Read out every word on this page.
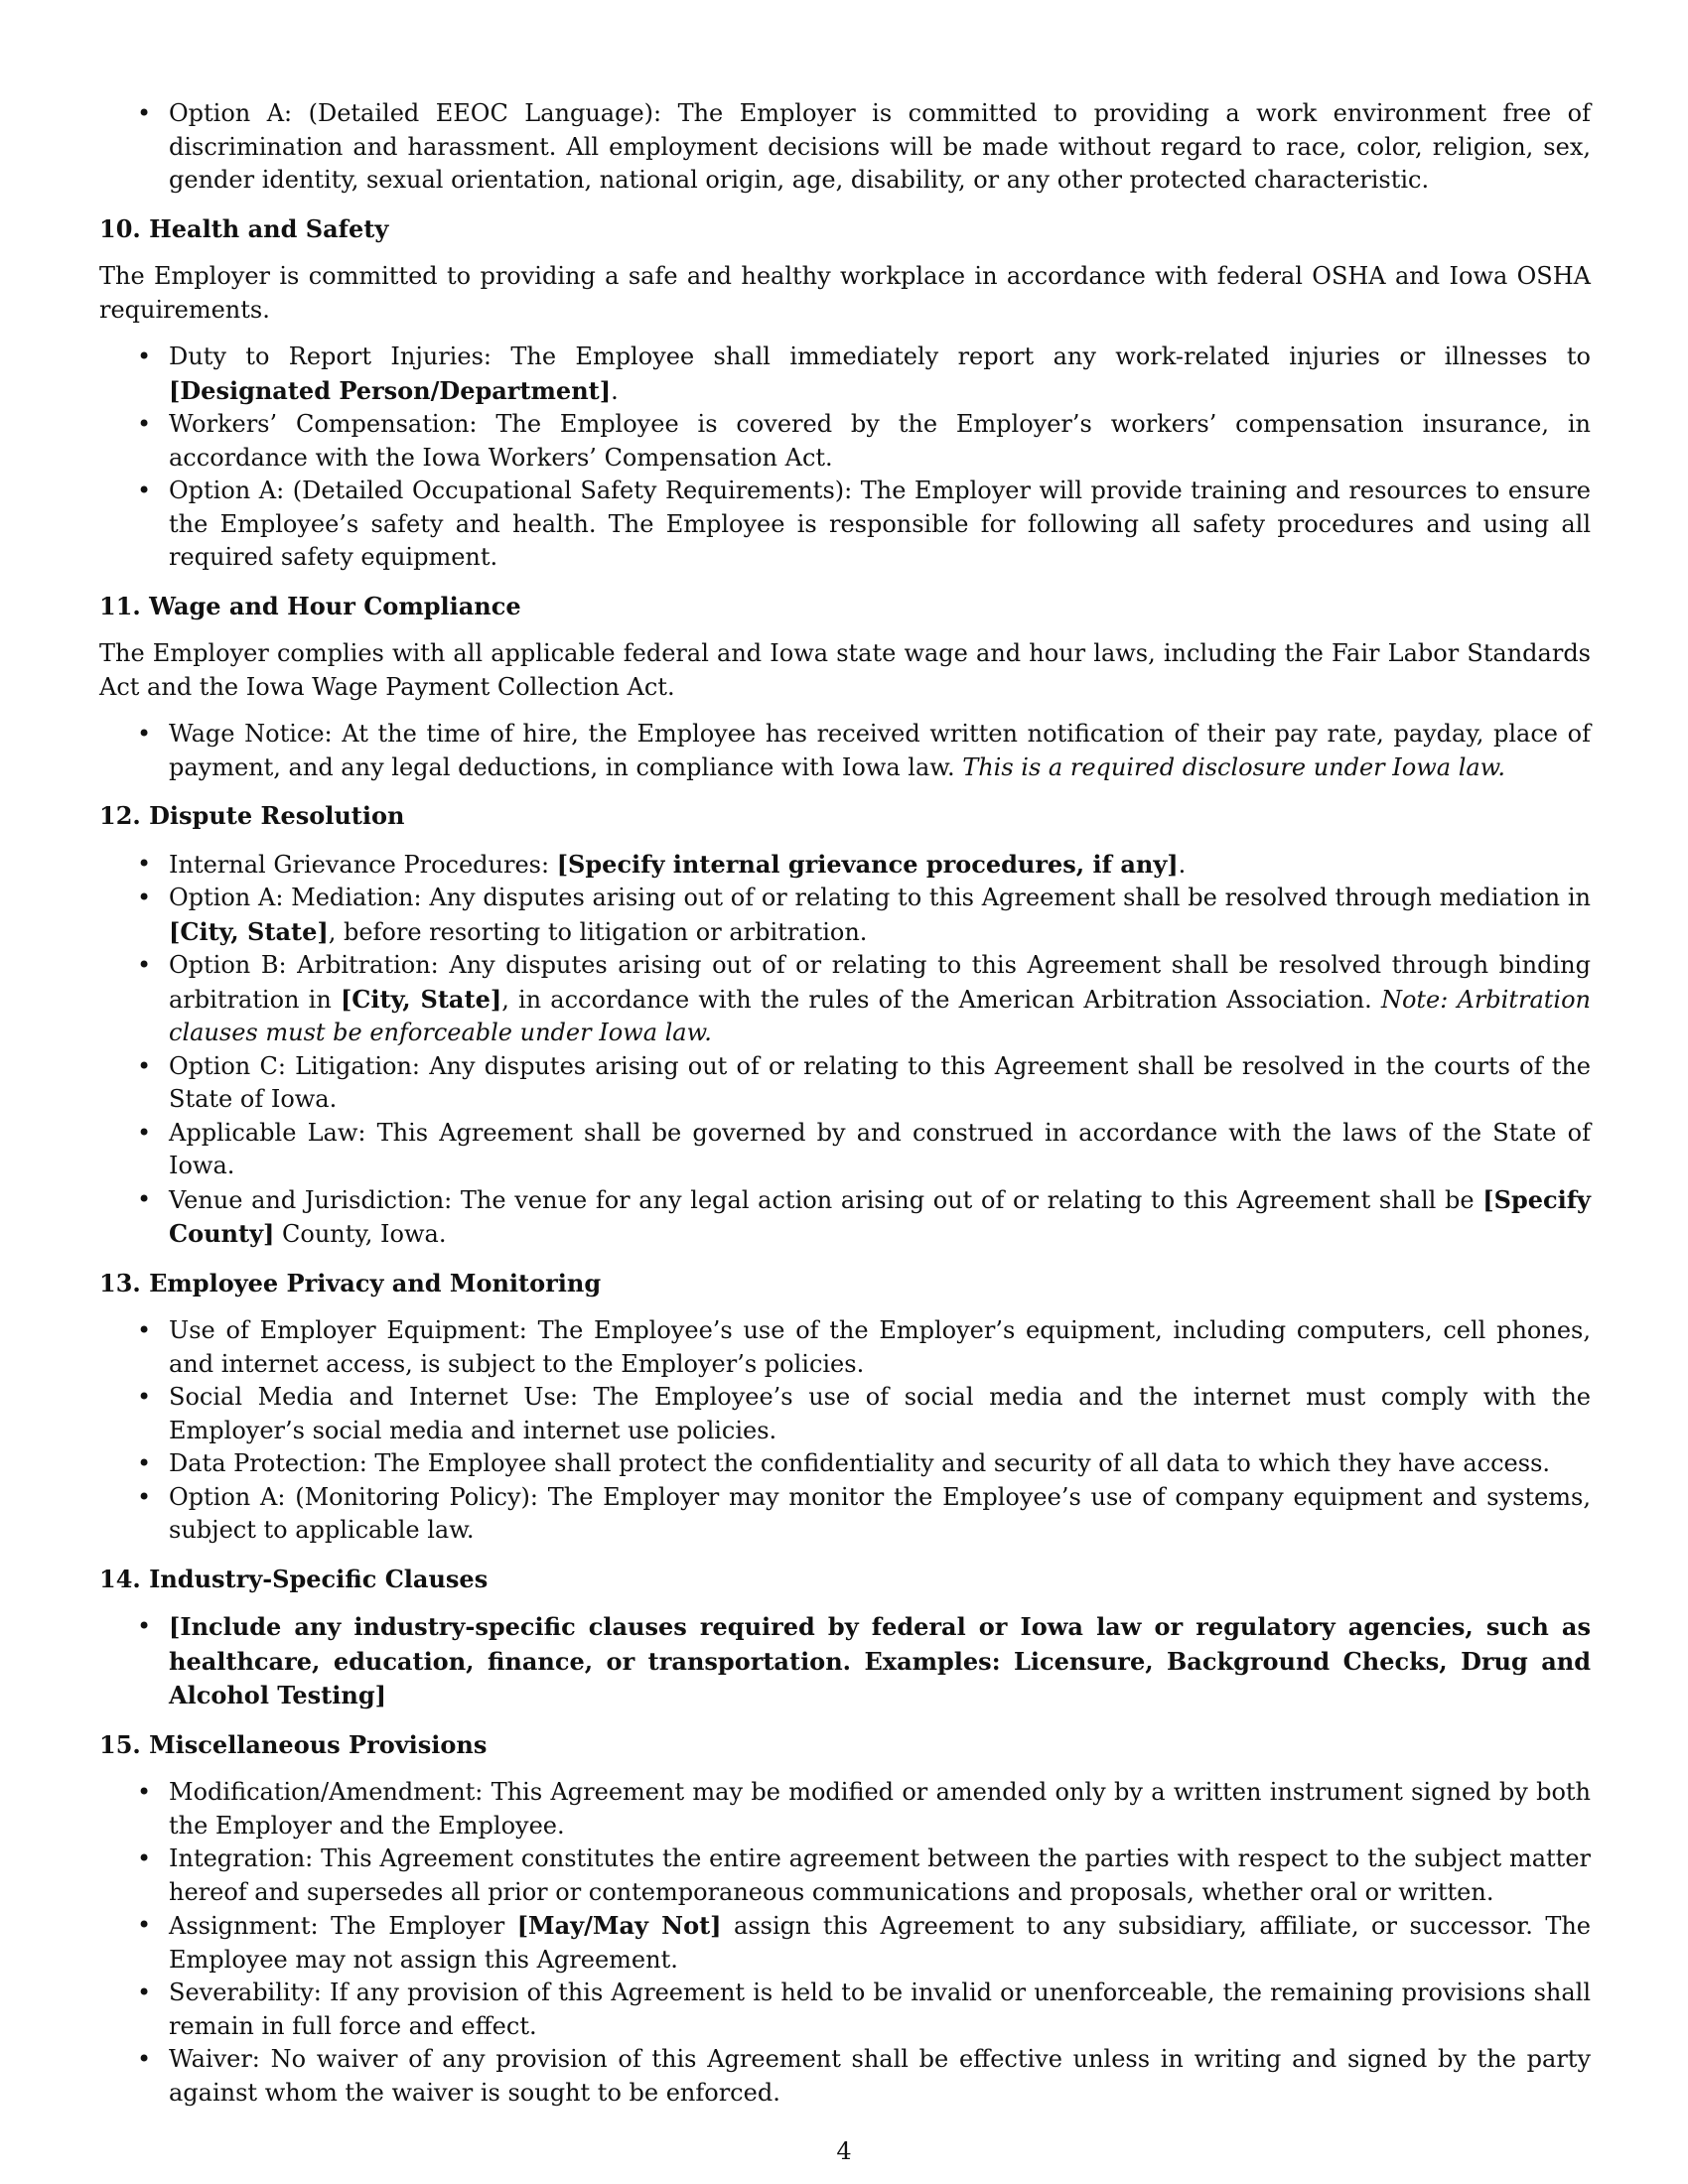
• Option A: (Detailed EEOC Language): The Employer is committed to providing a work environment free of discrimination and harassment. All employment decisions will be made without regard to race, color, religion, sex, gender identity, sexual orientation, national origin, age, disability, or any other protected characteristic.
10. Health and Safety

The Employer is committed to providing a safe and healthy workplace in accordance with federal OSHA and Iowa OSHA requirements.

• Duty to Report Injuries: The Employee shall immediately report any work-related injuries or illnesses to [Designated Person/Department].
• Workers’ Compensation: The Employee is covered by the Employer’s workers’ compensation insurance, in accordance with the Iowa Workers’ Compensation Act.
• Option A: (Detailed Occupational Safety Requirements): The Employer will provide training and resources to ensure the Employee’s safety and health. The Employee is responsible for following all safety procedures and using all required safety equipment.
11. Wage and Hour Compliance

The Employer complies with all applicable federal and Iowa state wage and hour laws, including the Fair Labor Standards Act and the Iowa Wage Payment Collection Act.

• Wage Notice: At the time of hire, the Employee has received written notification of their pay rate, payday, place of payment, and any legal deductions, in compliance with Iowa law. This is a required disclosure under Iowa law.
12. Dispute Resolution
• Internal Grievance Procedures: [Specify internal grievance procedures, if any].
• Option A: Mediation: Any disputes arising out of or relating to this Agreement shall be resolved through mediation in [City, State], before resorting to litigation or arbitration.
• Option B: Arbitration: Any disputes arising out of or relating to this Agreement shall be resolved through binding arbitration in [City, State], in accordance with the rules of the American Arbitration Association. Note: Arbitration clauses must be enforceable under Iowa law.
• Option C: Litigation: Any disputes arising out of or relating to this Agreement shall be resolved in the courts of the State of Iowa.
• Applicable Law: This Agreement shall be governed by and construed in accordance with the laws of the State of Iowa.
• Venue and Jurisdiction: The venue for any legal action arising out of or relating to this Agreement shall be [Specify County] County, Iowa.
13. Employee Privacy and Monitoring
• Use of Employer Equipment: The Employee’s use of the Employer’s equipment, including computers, cell phones, and internet access, is subject to the Employer’s policies.
• Social Media and Internet Use: The Employee’s use of social media and the internet must comply with the Employer’s social media and internet use policies.
• Data Protection: The Employee shall protect the confidentiality and security of all data to which they have access.
• Option A: (Monitoring Policy): The Employer may monitor the Employee’s use of company equipment and systems, subject to applicable law.
14. Industry-Specific Clauses
• [Include any industry-specific clauses required by federal or Iowa law or regulatory agencies, such as healthcare, education, finance, or transportation. Examples: Licensure, Background Checks, Drug and Alcohol Testing]
15. Miscellaneous Provisions
• Modification/Amendment: This Agreement may be modified or amended only by a written instrument signed by both the Employer and the Employee.
• Integration: This Agreement constitutes the entire agreement between the parties with respect to the subject matter hereof and supersedes all prior or contemporaneous communications and proposals, whether oral or written.
• Assignment: The Employer [May/May Not] assign this Agreement to any subsidiary, affiliate, or successor. The Employee may not assign this Agreement.
• Severability: If any provision of this Agreement is held to be invalid or unenforceable, the remaining provisions shall remain in full force and effect.
• Waiver: No waiver of any provision of this Agreement shall be effective unless in writing and signed by the party against whom the waiver is sought to be enforced.
4
